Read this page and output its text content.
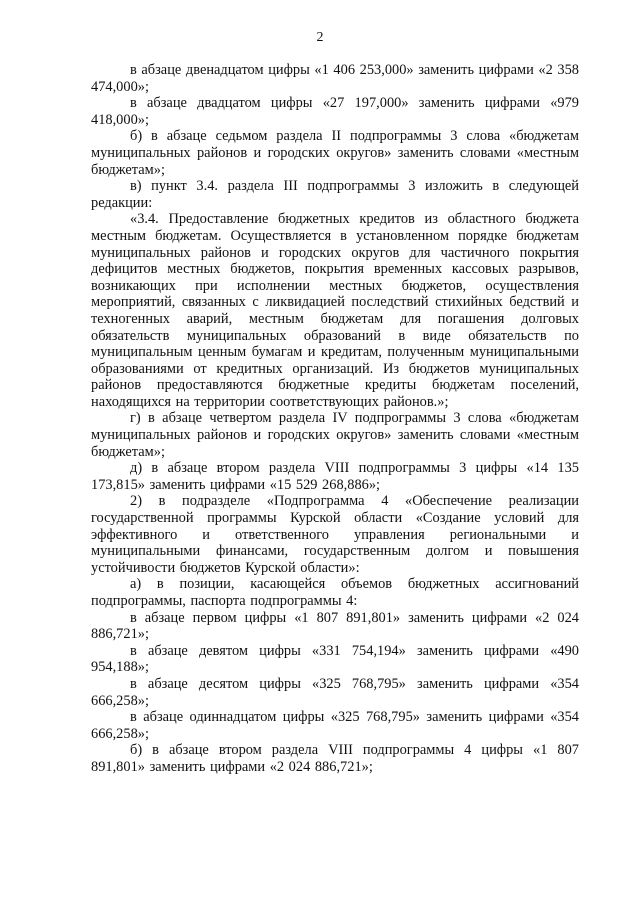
2

в абзаце двенадцатом цифры «1 406 253,000» заменить цифрами «2 358 474,000»;

в абзаце двадцатом цифры «27 197,000» заменить цифрами «979 418,000»;

б) в абзаце седьмом раздела II подпрограммы 3 слова «бюджетам муниципальных районов и городских округов» заменить словами «местным бюджетам»;

в) пункт 3.4. раздела III подпрограммы 3 изложить в следующей редакции:

«3.4. Предоставление бюджетных кредитов из областного бюджета местным бюджетам. Осуществляется в установленном порядке бюджетам муниципальных районов и городских округов для частичного покрытия дефицитов местных бюджетов, покрытия временных кассовых разрывов, возникающих при исполнении местных бюджетов, осуществления мероприятий, связанных с ликвидацией последствий стихийных бедствий и техногенных аварий, местным бюджетам для погашения долговых обязательств муниципальных образований в виде обязательств по муниципальным ценным бумагам и кредитам, полученным муниципальными образованиями от кредитных организаций. Из бюджетов муниципальных районов предоставляются бюджетные кредиты бюджетам поселений, находящихся на территории соответствующих районов.»;

г) в абзаце четвертом раздела IV подпрограммы 3 слова «бюджетам муниципальных районов и городских округов» заменить словами «местным бюджетам»;

д) в абзаце втором раздела VIII подпрограммы 3 цифры «14 135 173,815» заменить цифрами «15 529 268,886»;

2) в подразделе «Подпрограмма 4 «Обеспечение реализации государственной программы Курской области «Создание условий для эффективного и ответственного управления региональными и муниципальными финансами, государственным долгом и повышения устойчивости бюджетов Курской области»:

а) в позиции, касающейся объемов бюджетных ассигнований подпрограммы, паспорта подпрограммы 4:

в абзаце первом цифры «1 807 891,801» заменить цифрами «2 024 886,721»;

в абзаце девятом цифры «331 754,194» заменить цифрами «490 954,188»;

в абзаце десятом цифры «325 768,795» заменить цифрами «354 666,258»;

в абзаце одиннадцатом цифры «325 768,795» заменить цифрами «354 666,258»;

б) в абзаце втором раздела VIII подпрограммы 4 цифры «1 807 891,801» заменить цифрами «2 024 886,721»;
